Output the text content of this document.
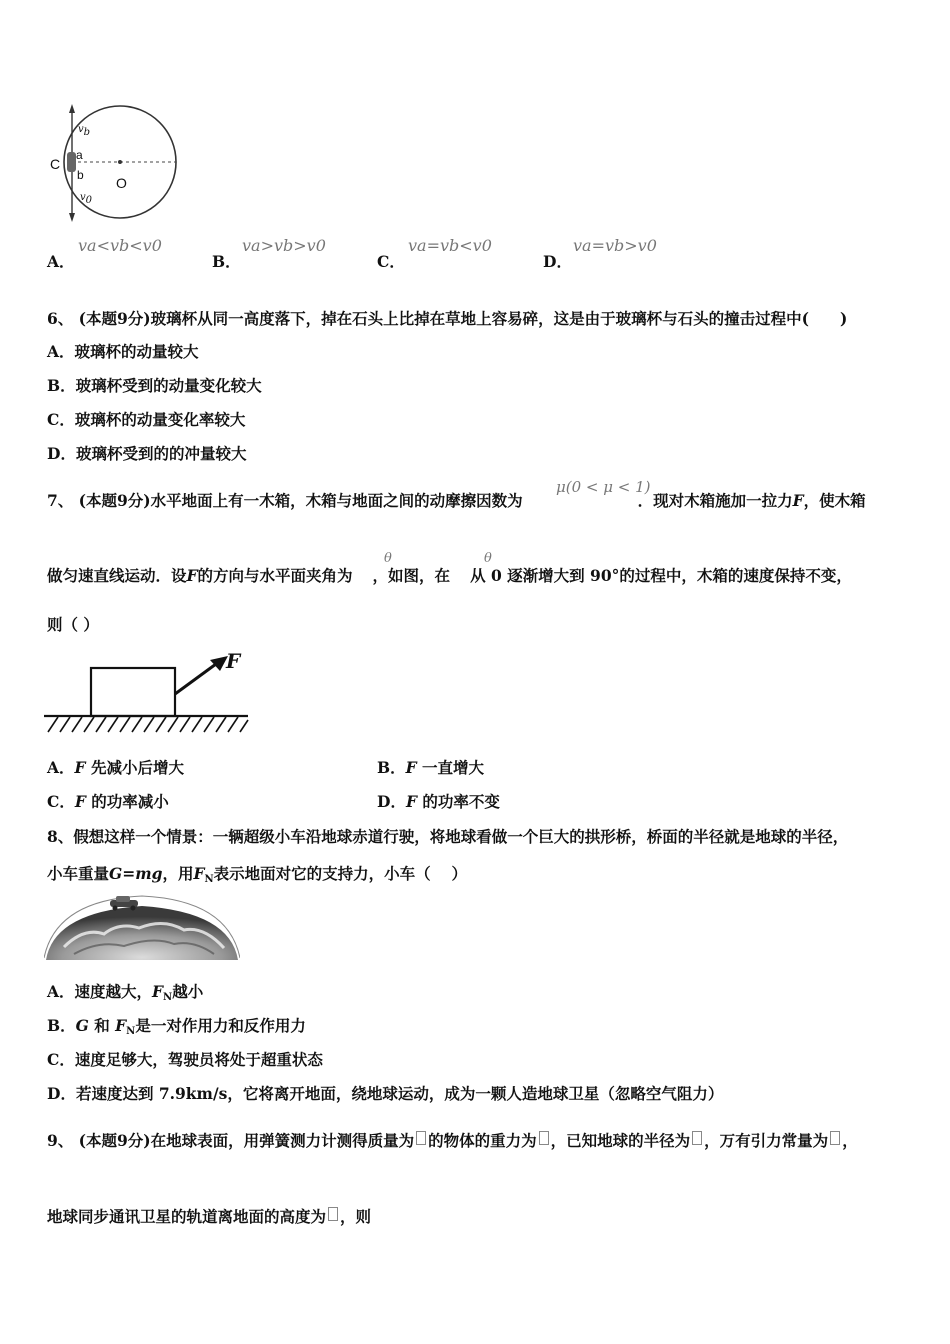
C
a
b O
vb
v0
A．
va<vb<v0
B．
va>vb>v0
C．
va=vb<v0
D．
va=vb>v0
6、 (本题9分)玻璃杯从同一高度落下，掉在石头上比掉在草地上容易碎，这是由于玻璃杯与石头的撞击过程中(　　)
A．玻璃杯的动量较大
B．玻璃杯受到的动量变化较大
C．玻璃杯的动量变化率较大
D．玻璃杯受到的的冲量较大
7、 (本题9分)水平地面上有一木箱，木箱与地面之间的动摩擦因数为	．现对木箱施加一拉力F，使木箱
μ(0 < μ < 1)
做匀速直线运动．设F的方向与水平面夹角为 ，如图，在 从 0 逐渐增大到 90°的过程中，木箱的速度保持不变，
θ	θ
则（ ）
F
A．F 先减小后增大	B．F 一直增大
C．F 的功率减小	D．F 的功率不变
8、假想这样一个情景：一辆超级小车沿地球赤道行驶，将地球看做一个巨大的拱形桥，桥面的半径就是地球的半径，
小车重量G=mg，用$F_N$表示地面对它的支持力，小车（　 ）
A．速度越大，$F_N$越小
B．G 和 $F_N$是一对作用力和反作用力
C．速度足够大，驾驶员将处于超重状态
D．若速度达到 7.9km/s，它将离开地面，绕地球运动，成为一颗人造地球卫星（忽略空气阻力）
9、 (本题9分)在地球表面，用弹簧测力计测得质量为 的物体的重力为 ，已知地球的半径为 ，万有引力常量为 ，
地球同步通讯卫星的轨道离地面的高度为 ，则
